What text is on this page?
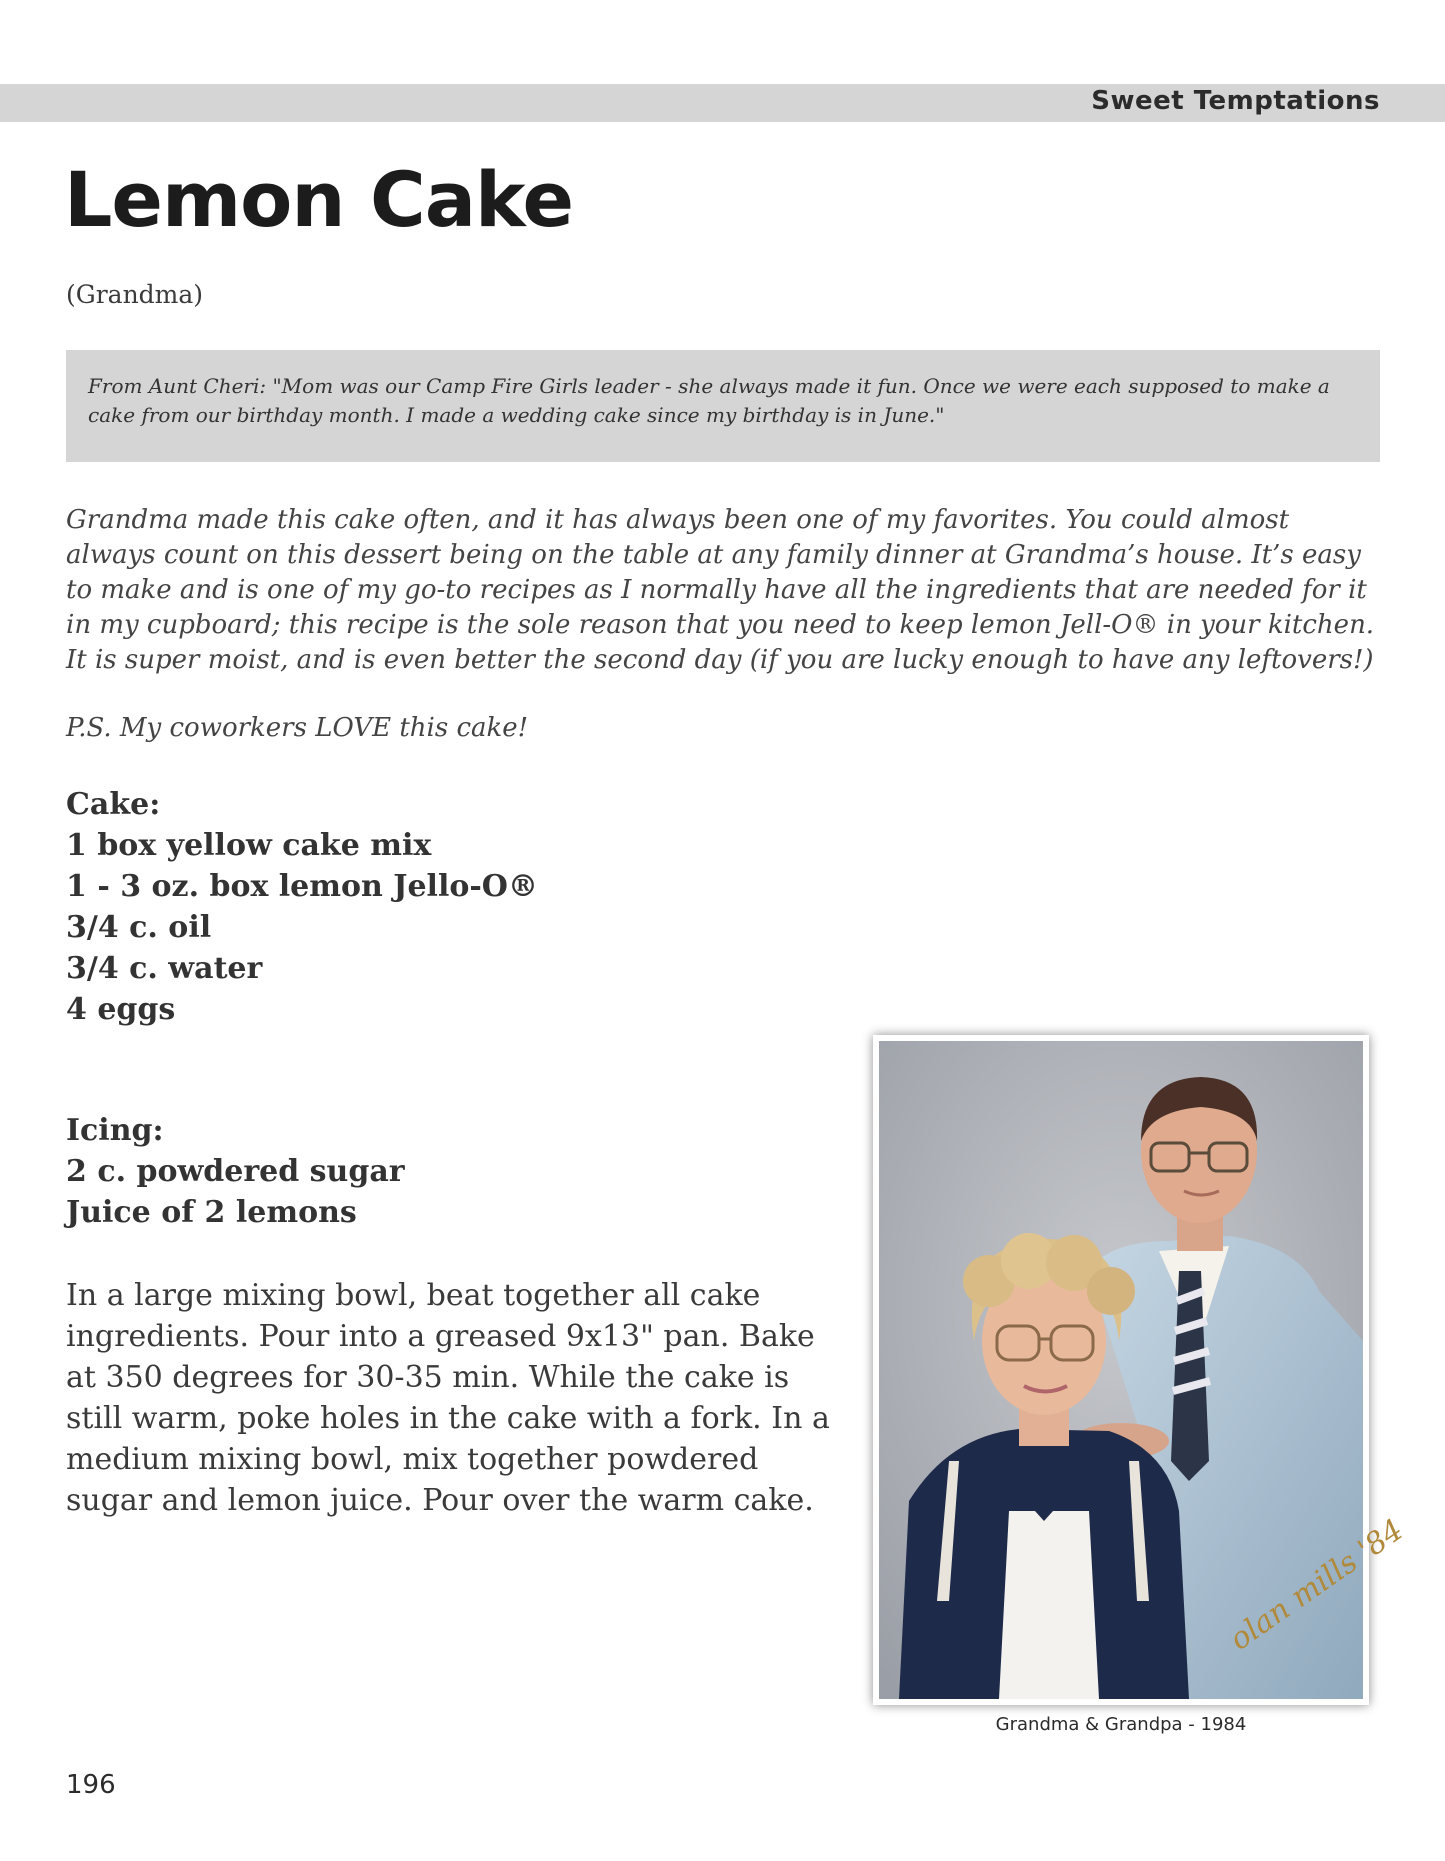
Sweet Temptations
Lemon Cake
(Grandma)
From Aunt Cheri: "Mom was our Camp Fire Girls leader - she always made it fun. Once we were each supposed to make a cake from our birthday month. I made a wedding cake since my birthday is in June."

Grandma made this cake often, and it has always been one of my favorites. You could almost always count on this dessert being on the table at any family dinner at Grandma’s house. It’s easy to make and is one of my go-to recipes as I normally have all the ingredients that are needed for it in my cupboard; this recipe is the sole reason that you need to keep lemon Jell-O® in your kitchen. It is super moist, and is even better the second day (if you are lucky enough to have any leftovers!)

P.S. My coworkers LOVE this cake!

Cake:
1 box yellow cake mix
1 - 3 oz. box lemon Jello-O®
3/4 c. oil
3/4 c. water
4 eggs
Icing:
2 c. powdered sugar
Juice of 2 lemons

In a large mixing bowl, beat together all cake ingredients. Pour into a greased 9x13" pan. Bake at 350 degrees for 30-35 min. While the cake is still warm, poke holes in the cake with a fork. In a medium mixing bowl, mix together powdered sugar and lemon juice. Pour over the warm cake.

olan mills '84
Grandma & Grandpa - 1984
196
